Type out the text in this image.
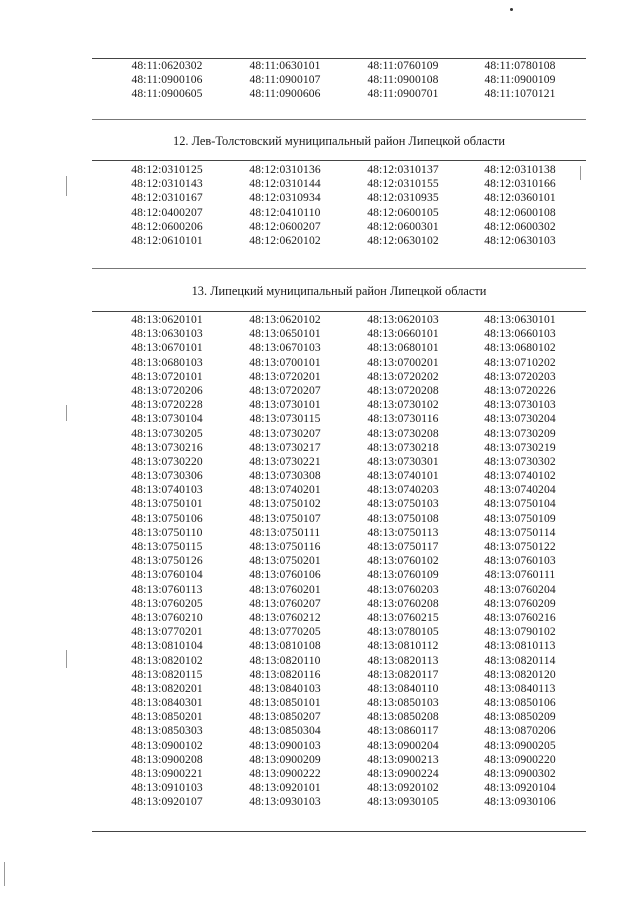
48:11:0620302	48:11:0630101	48:11:0760109	48:11:0780108
48:11:0900106	48:11:0900107	48:11:0900108	48:11:0900109
48:11:0900605	48:11:0900606	48:11:0900701	48:11:1070121
12. Лев-Толстовский муниципальный район Липецкой области
48:12:0310125	48:12:0310136	48:12:0310137	48:12:0310138
48:12:0310143	48:12:0310144	48:12:0310155	48:12:0310166
48:12:0310167	48:12:0310934	48:12:0310935	48:12:0360101
48:12:0400207	48:12:0410110	48:12:0600105	48:12:0600108
48:12:0600206	48:12:0600207	48:12:0600301	48:12:0600302
48:12:0610101	48:12:0620102	48:12:0630102	48:12:0630103
13. Липецкий муниципальный район Липецкой области
48:13:0620101	48:13:0620102	48:13:0620103	48:13:0630101
48:13:0630103	48:13:0650101	48:13:0660101	48:13:0660103
48:13:0670101	48:13:0670103	48:13:0680101	48:13:0680102
48:13:0680103	48:13:0700101	48:13:0700201	48:13:0710202
48:13:0720101	48:13:0720201	48:13:0720202	48:13:0720203
48:13:0720206	48:13:0720207	48:13:0720208	48:13:0720226
48:13:0720228	48:13:0730101	48:13:0730102	48:13:0730103
48:13:0730104	48:13:0730115	48:13:0730116	48:13:0730204
48:13:0730205	48:13:0730207	48:13:0730208	48:13:0730209
48:13:0730216	48:13:0730217	48:13:0730218	48:13:0730219
48:13:0730220	48:13:0730221	48:13:0730301	48:13:0730302
48:13:0730306	48:13:0730308	48:13:0740101	48:13:0740102
48:13:0740103	48:13:0740201	48:13:0740203	48:13:0740204
48:13:0750101	48:13:0750102	48:13:0750103	48:13:0750104
48:13:0750106	48:13:0750107	48:13:0750108	48:13:0750109
48:13:0750110	48:13:0750111	48:13:0750113	48:13:0750114
48:13:0750115	48:13:0750116	48:13:0750117	48:13:0750122
48:13:0750126	48:13:0750201	48:13:0760102	48:13:0760103
48:13:0760104	48:13:0760106	48:13:0760109	48:13:0760111
48:13:0760113	48:13:0760201	48:13:0760203	48:13:0760204
48:13:0760205	48:13:0760207	48:13:0760208	48:13:0760209
48:13:0760210	48:13:0760212	48:13:0760215	48:13:0760216
48:13:0770201	48:13:0770205	48:13:0780105	48:13:0790102
48:13:0810104	48:13:0810108	48:13:0810112	48:13:0810113
48:13:0820102	48:13:0820110	48:13:0820113	48:13:0820114
48:13:0820115	48:13:0820116	48:13:0820117	48:13:0820120
48:13:0820201	48:13:0840103	48:13:0840110	48:13:0840113
48:13:0840301	48:13:0850101	48:13:0850103	48:13:0850106
48:13:0850201	48:13:0850207	48:13:0850208	48:13:0850209
48:13:0850303	48:13:0850304	48:13:0860117	48:13:0870206
48:13:0900102	48:13:0900103	48:13:0900204	48:13:0900205
48:13:0900208	48:13:0900209	48:13:0900213	48:13:0900220
48:13:0900221	48:13:0900222	48:13:0900224	48:13:0900302
48:13:0910103	48:13:0920101	48:13:0920102	48:13:0920104
48:13:0920107	48:13:0930103	48:13:0930105	48:13:0930106
